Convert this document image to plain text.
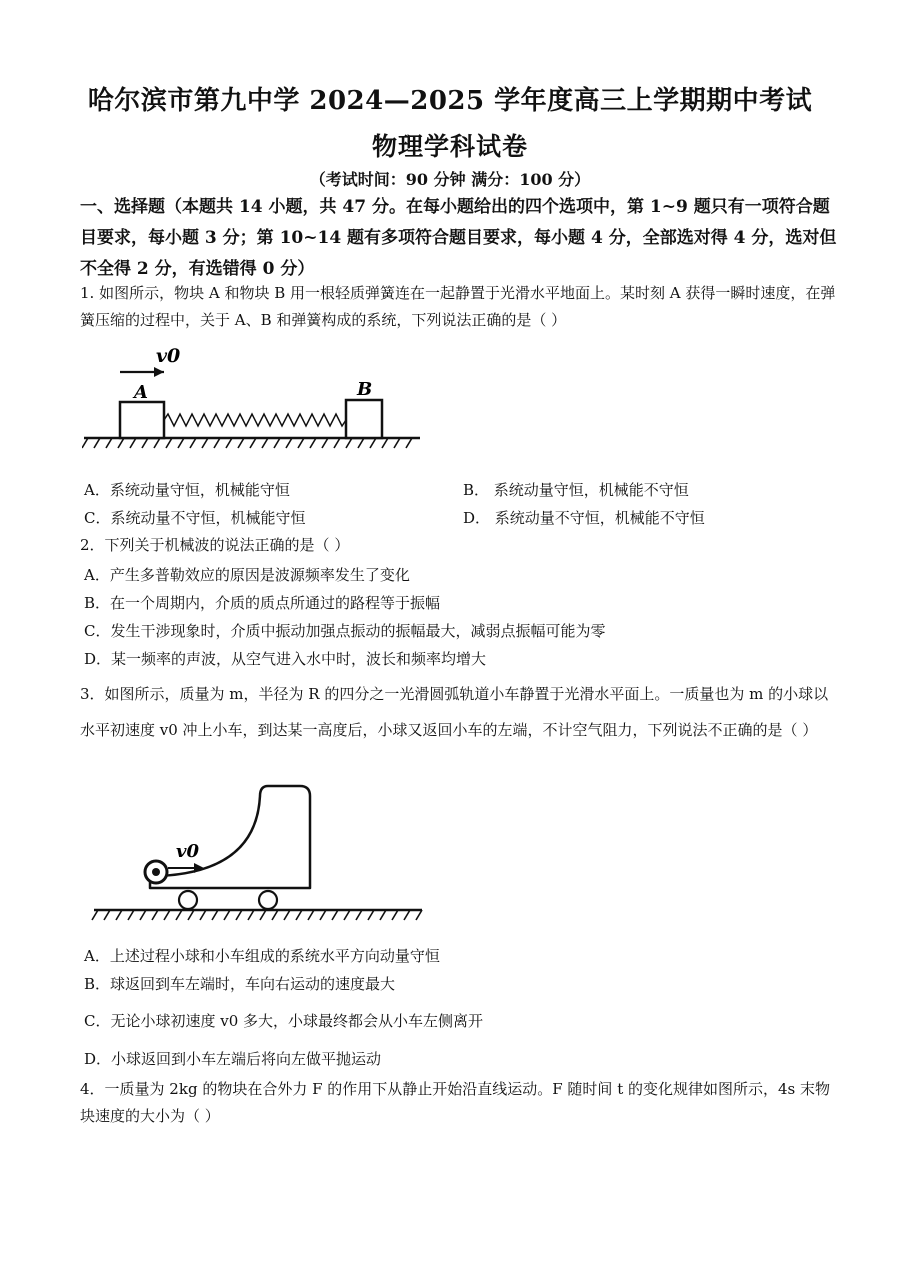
哈尔滨市第九中学 2024—2025 学年度高三上学期期中考试
物理学科试卷
（考试时间：90 分钟 满分：100 分）
一、选择题（本题共 14 小题，共 47 分。在每小题给出的四个选项中，第 1~9 题只有一项符合题目要求，每小题 3 分；第 10~14 题有多项符合题目要求，每小题 4 分，全部选对得 4 分，选对但不全得 2 分，有选错得 0 分）
1. 如图所示，物块 A 和物块 B 用一根轻质弹簧连在一起静置于光滑水平地面上。某时刻 A 获得一瞬时速度，在弹簧压缩的过程中，关于 A、B 和弹簧构成的系统，下列说法正确的是（ ）
v0
A	B
A．系统动量守恒，机械能守恒	B． 系统动量守恒，机械能不守恒
C．系统动量不守恒，机械能守恒	D． 系统动量不守恒，机械能不守恒
2．下列关于机械波的说法正确的是（ ）
A．产生多普勒效应的原因是波源频率发生了变化
B．在一个周期内，介质的质点所通过的路程等于振幅
C．发生干涉现象时，介质中振动加强点振动的振幅最大，减弱点振幅可能为零
D．某一频率的声波，从空气进入水中时，波长和频率均增大
3．如图所示，质量为 m，半径为 R 的四分之一光滑圆弧轨道小车静置于光滑水平面上。一质量也为 m 的小球以水平初速度 v0 冲上小车，到达某一高度后，小球又返回小车的左端，不计空气阻力，下列说法不正确的是（ ）
v0
A．上述过程小球和小车组成的系统水平方向动量守恒
B．球返回到车左端时，车向右运动的速度最大
C．无论小球初速度 v0 多大，小球最终都会从小车左侧离开
D．小球返回到小车左端后将向左做平抛运动
4．一质量为 2kg 的物块在合外力 F 的作用下从静止开始沿直线运动。F 随时间 t 的变化规律如图所示，4s 末物块速度的大小为（ ）
